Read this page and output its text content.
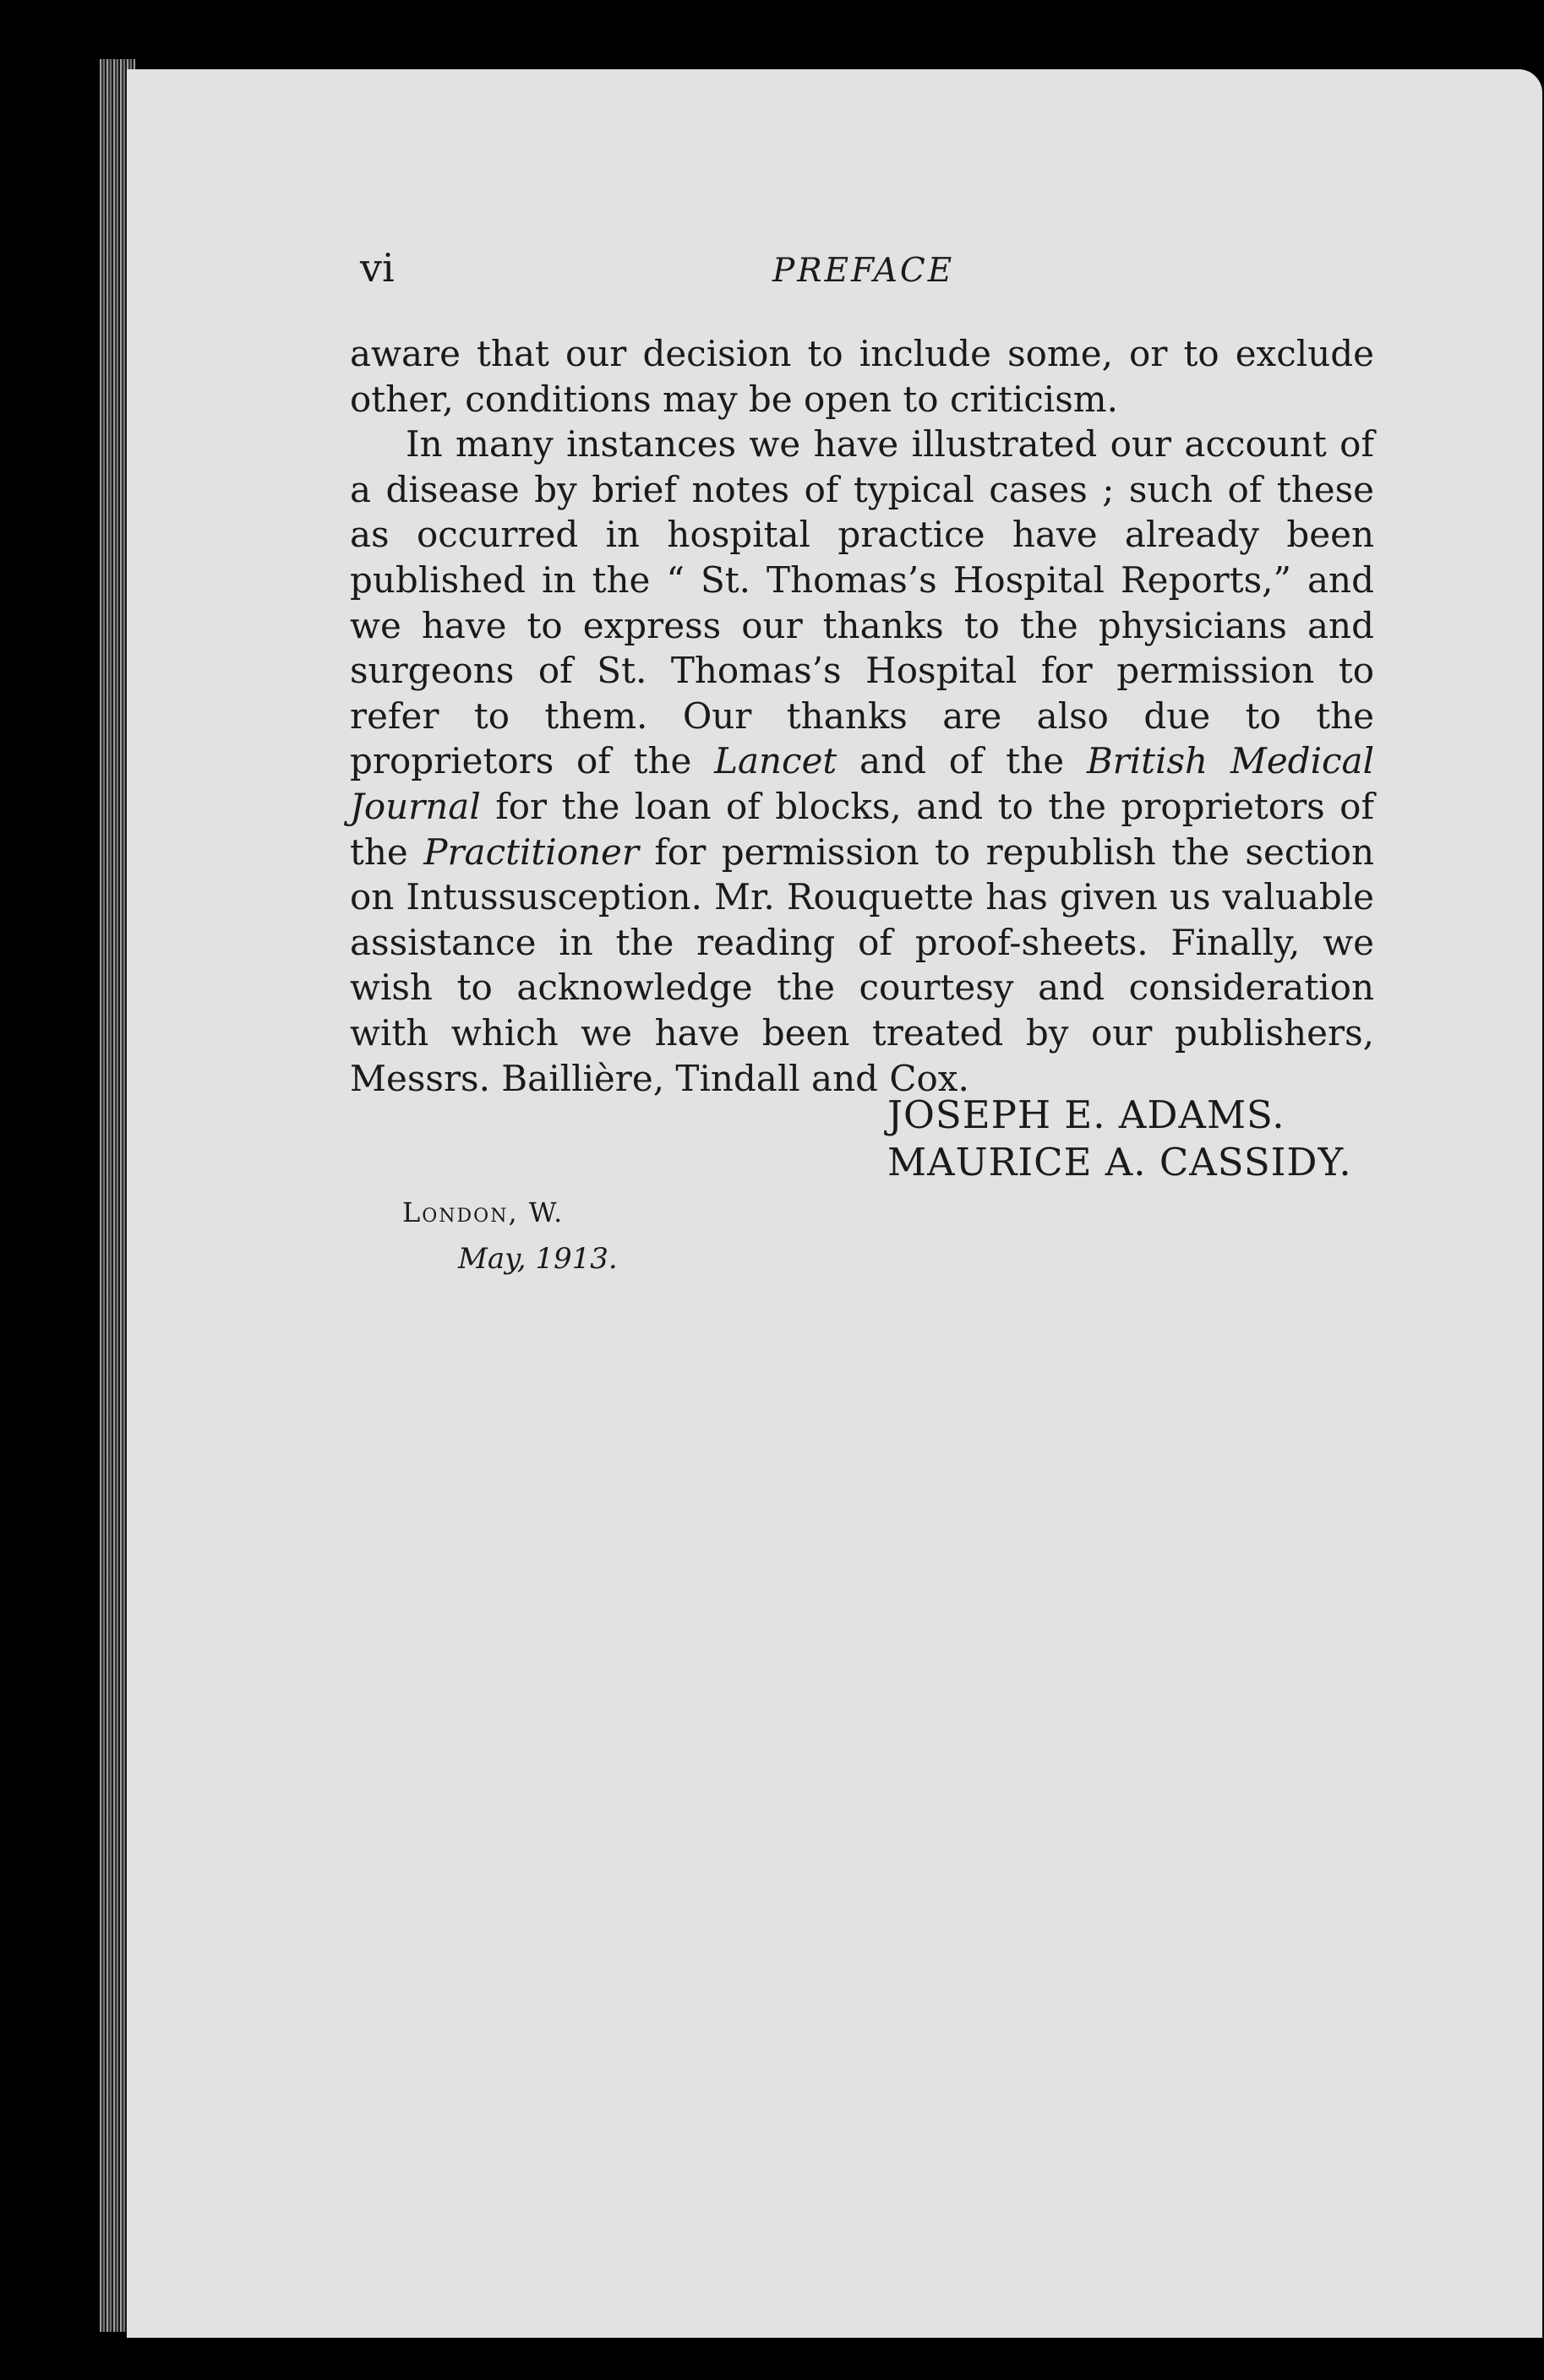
vi	PREFACE

aware that our decision to include some, or to exclude other, conditions may be open to criticism.

In many instances we have illustrated our account of a disease by brief notes of typical cases ; such of these as occurred in hospital practice have already been published in the “ St. Thomas’s Hospital Reports,” and we have to express our thanks to the physicians and surgeons of St. Thomas’s Hospital for permission to refer to them. Our thanks are also due to the proprietors of the Lancet and of the British Medical Journal for the loan of blocks, and to the proprietors of the Practitioner for permission to republish the section on Intussusception. Mr. Rouquette has given us valuable assistance in the reading of proof-sheets. Finally, we wish to acknowledge the courtesy and consideration with which we have been treated by our publishers, Messrs. Baillière, Tindall and Cox.

JOSEPH E. ADAMS.
MAURICE A. CASSIDY.
London, W.
May, 1913.
